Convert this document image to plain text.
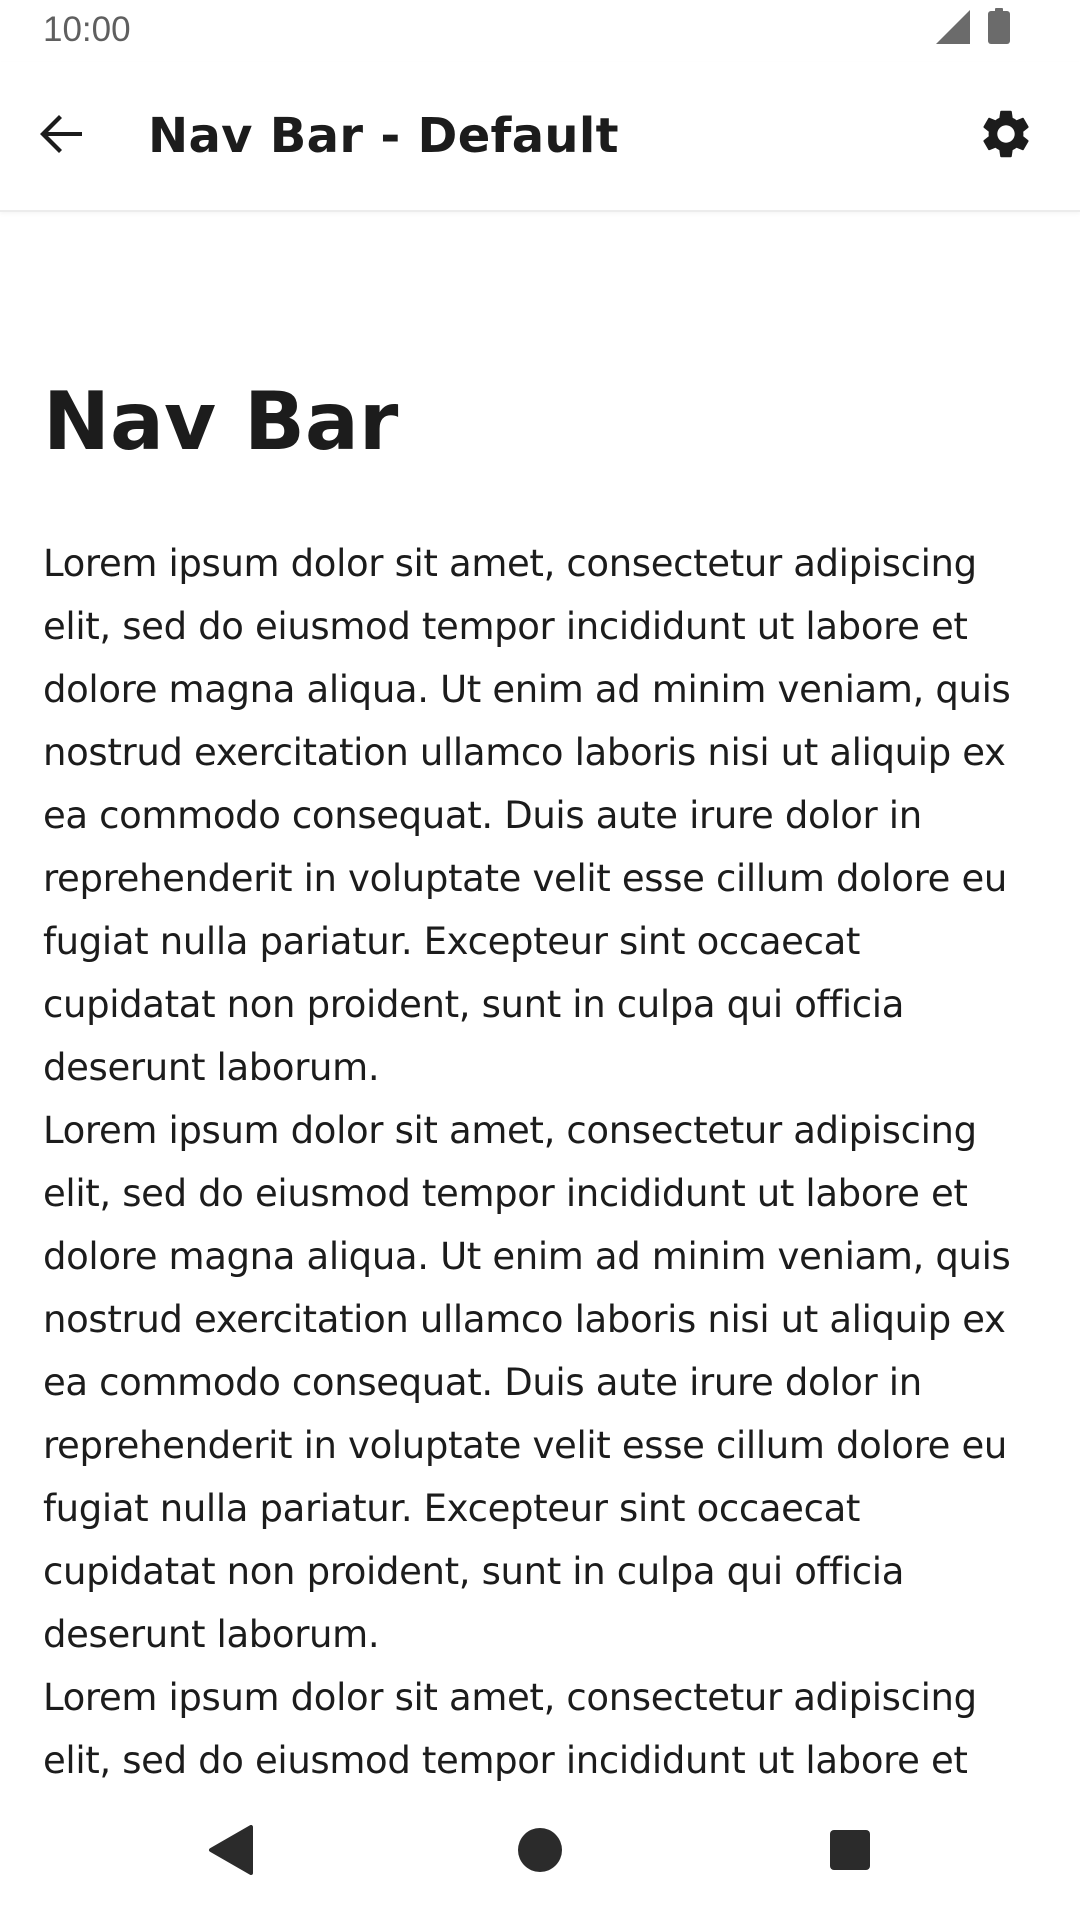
10:00
Nav Bar - Default
Nav Bar

Lorem ipsum dolor sit amet, consectetur adipiscing elit, sed do eiusmod tempor incididunt ut labore et dolore magna aliqua. Ut enim ad minim veniam, quis nostrud exercitation ullamco laboris nisi ut aliquip ex ea commodo consequat. Duis aute irure dolor in reprehenderit in voluptate velit esse cillum dolore eu fugiat nulla pariatur. Excepteur sint occaecat cupidatat non proident, sunt in culpa qui officia deserunt laborum.

Lorem ipsum dolor sit amet, consectetur adipiscing elit, sed do eiusmod tempor incididunt ut labore et dolore magna aliqua. Ut enim ad minim veniam, quis nostrud exercitation ullamco laboris nisi ut aliquip ex ea commodo consequat. Duis aute irure dolor in reprehenderit in voluptate velit esse cillum dolore eu fugiat nulla pariatur. Excepteur sint occaecat cupidatat non proident, sunt in culpa qui officia deserunt laborum.

Lorem ipsum dolor sit amet, consectetur adipiscing elit, sed do eiusmod tempor incididunt ut labore et
